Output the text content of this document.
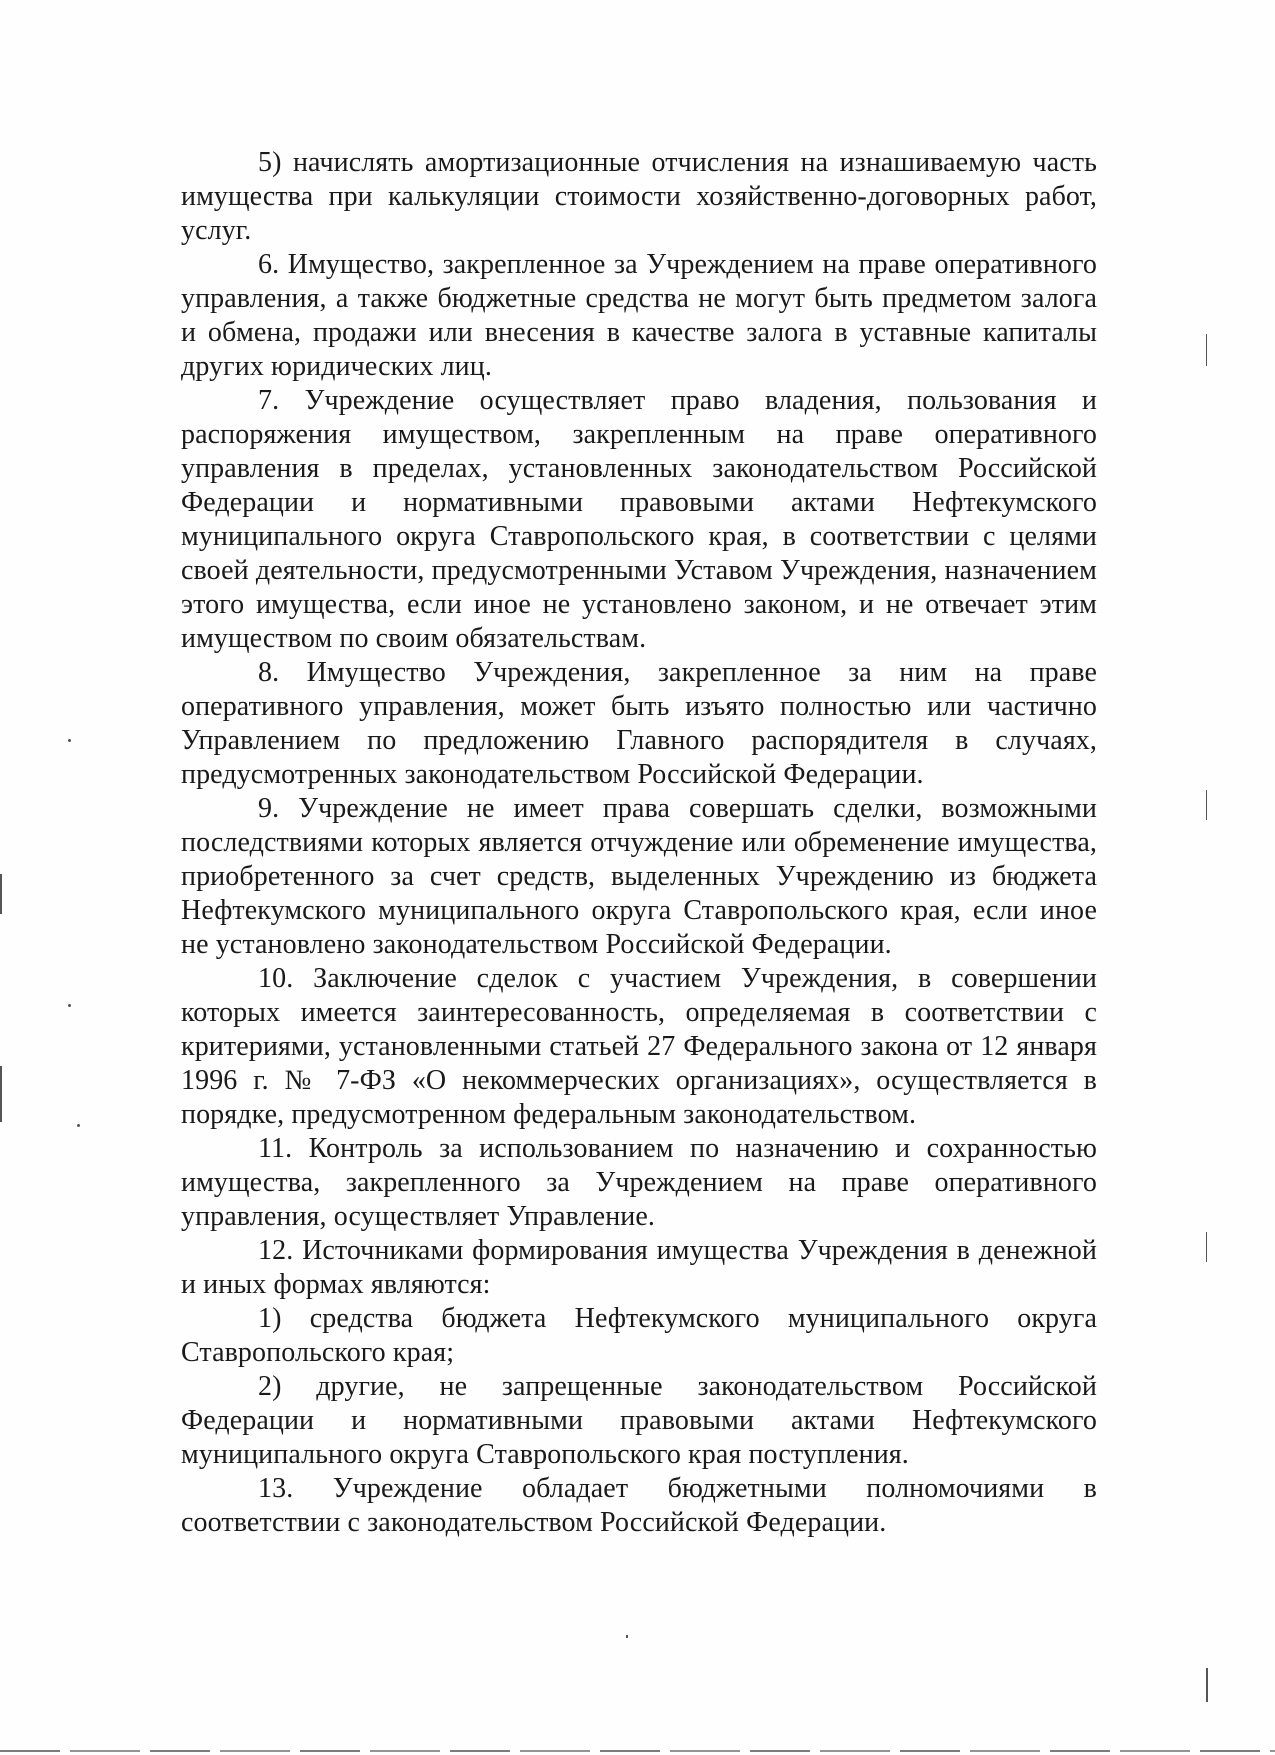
5) начислять амортизационные отчисления на изнашиваемую часть имущества при калькуляции стоимости хозяйственно-договорных работ, услуг.

6. Имущество, закрепленное за Учреждением на праве оперативного управления, а также бюджетные средства не могут быть предметом залога и обмена, продажи или внесения в качестве залога в уставные капиталы других юридических лиц.

7. Учреждение осуществляет право владения, пользования и распоряжения имуществом, закрепленным на праве оперативного управления в пределах, установленных законодательством Российской Федерации и нормативными правовыми актами Нефтекумского муниципального округа Ставропольского края, в соответствии с целями своей деятельности, предусмотренными Уставом Учреждения, назначением этого имущества, если иное не установлено законом, и не отвечает этим имуществом по своим обязательствам.

8. Имущество Учреждения, закрепленное за ним на праве оперативного управления, может быть изъято полностью или частично Управлением по предложению Главного распорядителя в случаях, предусмотренных законодательством Российской Федерации.

9. Учреждение не имеет права совершать сделки, возможными последствиями которых является отчуждение или обременение имущества, приобретенного за счет средств, выделенных Учреждению из бюджета Нефтекумского муниципального округа Ставропольского края, если иное не установлено законодательством Российской Федерации.

10. Заключение сделок с участием Учреждения, в совершении которых имеется заинтересованность, определяемая в соответствии с критериями, установленными статьей 27 Федерального закона от 12 января 1996 г. № 7-ФЗ «О некоммерческих организациях», осуществляется в порядке, предусмотренном федеральным законодательством.

11. Контроль за использованием по назначению и сохранностью имущества, закрепленного за Учреждением на праве оперативного управления, осуществляет Управление.

12. Источниками формирования имущества Учреждения в денежной и иных формах являются:

1) средства бюджета Нефтекумского муниципального округа Ставропольского края;

2) другие, не запрещенные законодательством Российской Федерации и нормативными правовыми актами Нефтекумского муниципального округа Ставропольского края поступления.

13. Учреждение обладает бюджетными полномочиями в соответствии с законодательством Российской Федерации.
